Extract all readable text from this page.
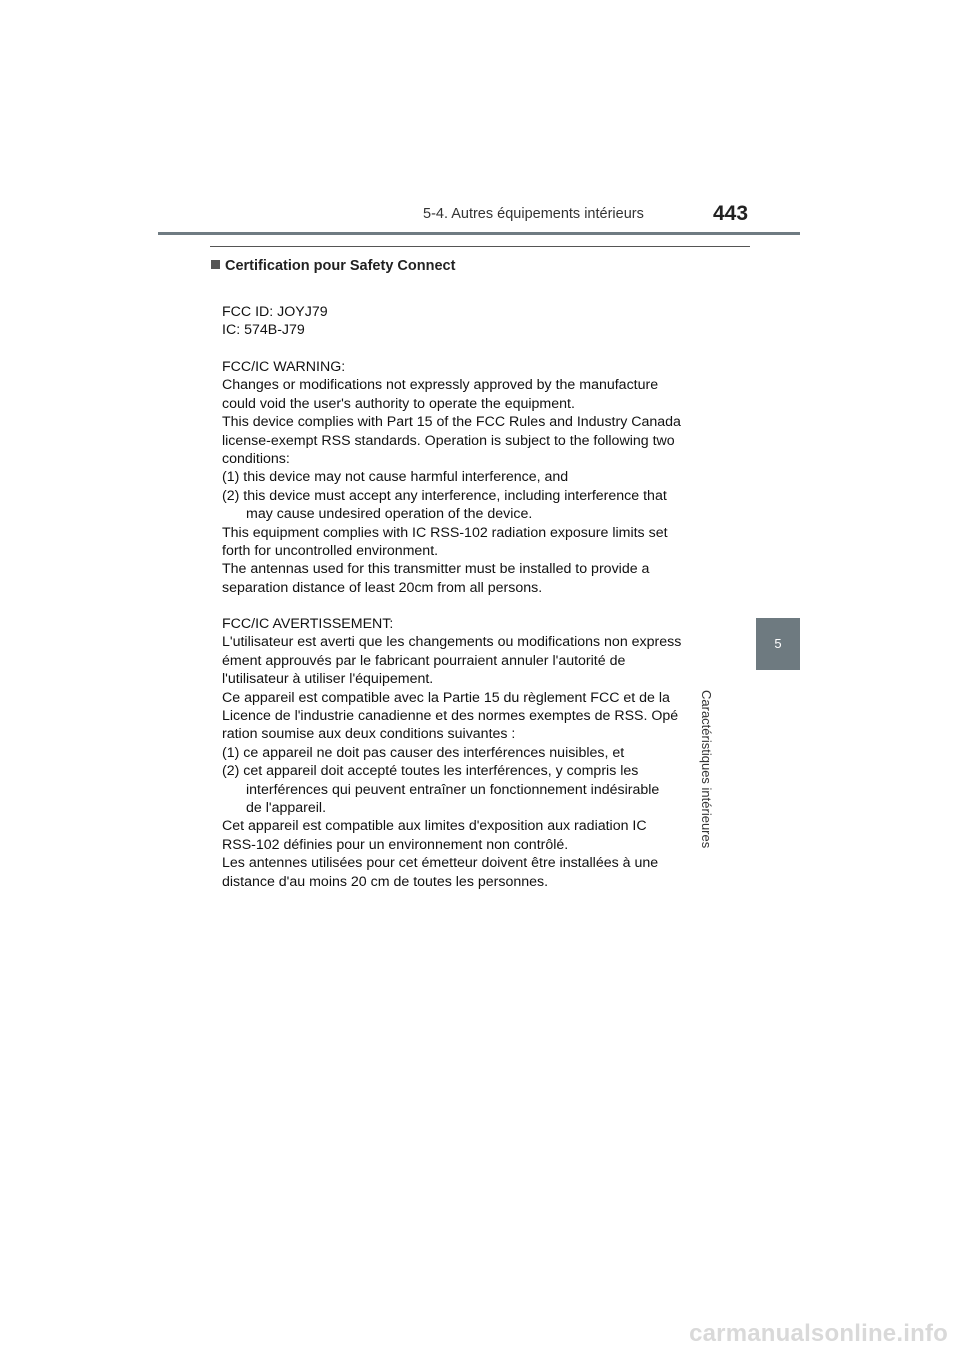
5-4. Autres équipements intérieurs	443
Certification pour Safety Connect
FCC ID: JOYJ79
IC: 574B-J79
FCC/IC WARNING:
Changes or modifications not expressly approved by the manufacture
could void the user's authority to operate the equipment.
This device complies with Part 15 of the FCC Rules and Industry Canada
license-exempt RSS standards. Operation is subject to the following two
conditions:
(1) this device may not cause harmful interference, and
(2) this device must accept any interference, including interference that
may cause undesired operation of the device.
This equipment complies with IC RSS-102 radiation exposure limits set
forth for uncontrolled environment.
The antennas used for this transmitter must be installed to provide a
separation distance of least 20cm from all persons.
FCC/IC AVERTISSEMENT:
L'utilisateur est averti que les changements ou modifications non express
ément approuvés par le fabricant pourraient annuler l'autorité de
l'utilisateur à utiliser l'équipement.
Ce appareil est compatible avec la Partie 15 du règlement FCC et de la
Licence de l'industrie canadienne et des normes exemptes de RSS. Opé
ration soumise aux deux conditions suivantes :
(1) ce appareil ne doit pas causer des interférences nuisibles, et
(2) cet appareil doit accepté toutes les interférences, y compris les
interférences qui peuvent entraîner un fonctionnement indésirable
de l'appareil.
Cet appareil est compatible aux limites d'exposition aux radiation IC
RSS-102 définies pour un environnement non contrôlé.
Les antennes utilisées pour cet émetteur doivent être installées à une
distance d'au moins 20 cm de toutes les personnes.
5
Caractéristiques intérieures
carmanualsonline.info
